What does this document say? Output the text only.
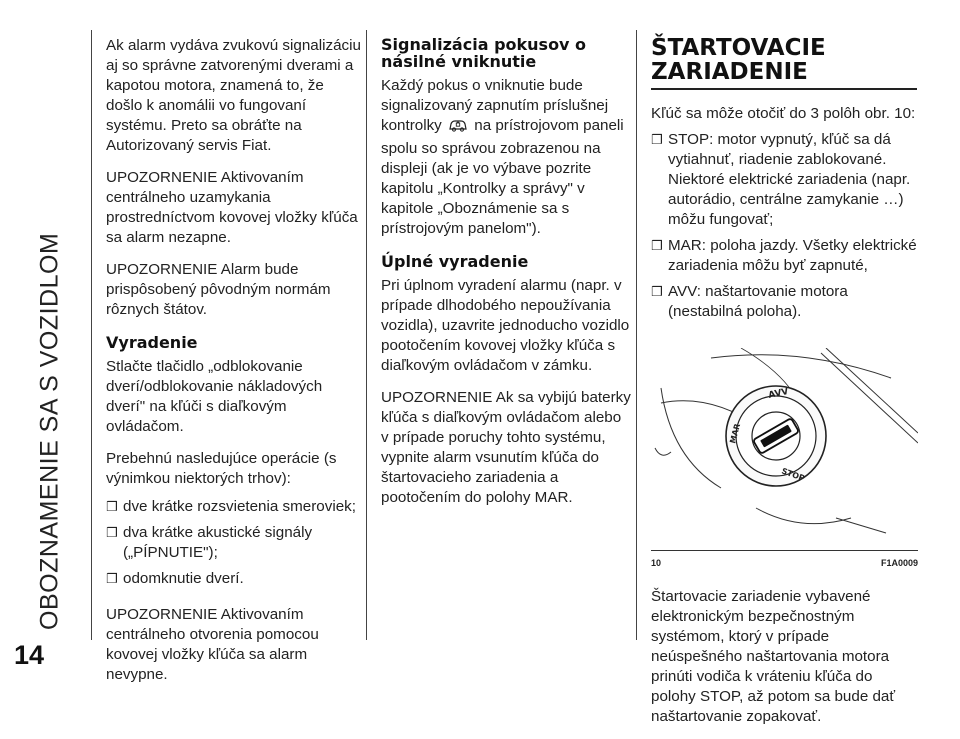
OBOZNAMENIE SA S VOZIDLOM
14

Ak alarm vydáva zvukovú signalizáciu aj so správne zatvorenými dverami a kapotou motora, znamená to, že došlo k anomálii vo fungovaní systému. Preto sa obráťte na Autorizovaný servis Fiat.

UPOZORNENIE Aktivovaním centrálneho uzamykania prostredníctvom kovovej vložky kľúča sa alarm nezapne.

UPOZORNENIE Alarm bude prispôsobený pôvodným normám rôznych štátov.

Vyradenie

Stlačte tlačidlo „odblokovanie dverí/odblokovanie nákladových dverí" na kľúči s diaľkovým ovládačom.

Prebehnú nasledujúce operácie (s výnimkou niektorých trhov):

❒ dve krátke rozsvietenia smeroviek;
❒ dva krátke akustické signály („PÍPNUTIE");
❒ odomknutie dverí.

UPOZORNENIE Aktivovaním centrálneho otvorenia pomocou kovovej vložky kľúča sa alarm nevypne.

Signalizácia pokusov o násilné vniknutie

Každý pokus o vniknutie bude signalizovaný zapnutím príslušnej kontrolky na prístrojovom paneli spolu so správou zobrazenou na displeji (ak je vo výbave pozrite kapitolu „Kontrolky a správy" v kapitole „Oboznámenie sa s prístrojovým panelom").

Úplné vyradenie

Pri úplnom vyradení alarmu (napr. v prípade dlhodobého nepoužívania vozidla), uzavrite jednoducho vozidlo pootočením kovovej vložky kľúča s diaľkovým ovládačom v zámku.

UPOZORNENIE Ak sa vybijú baterky kľúča s diaľkovým ovládačom alebo v prípade poruchy tohto systému, vypnite alarm vsunutím kľúča do štartovacieho zariadenia a pootočením do polohy MAR.

ŠTARTOVACIE ZARIADENIE

Kľúč sa môže otočiť do 3 polôh obr. 10:

❒ STOP: motor vypnutý, kľúč sa dá vytiahnuť, riadenie zablokované. Niektoré elektrické zariadenia (napr. autorádio, centrálne zamykanie …) môžu fungovať;
❒ MAR: poloha jazdy. Všetky elektrické zariadenia môžu byť zapnuté,
❒ AVV: naštartovanie motora (nestabilná poloha).
AVV
MAR
STOP
10	F1A0009

Štartovacie zariadenie vybavené elektronickým bezpečnostným systémom, ktorý v prípade neúspešného naštartovania motora prinúti vodiča k vráteniu kľúča do polohy STOP, až potom sa bude dať naštartovanie zopakovať.
